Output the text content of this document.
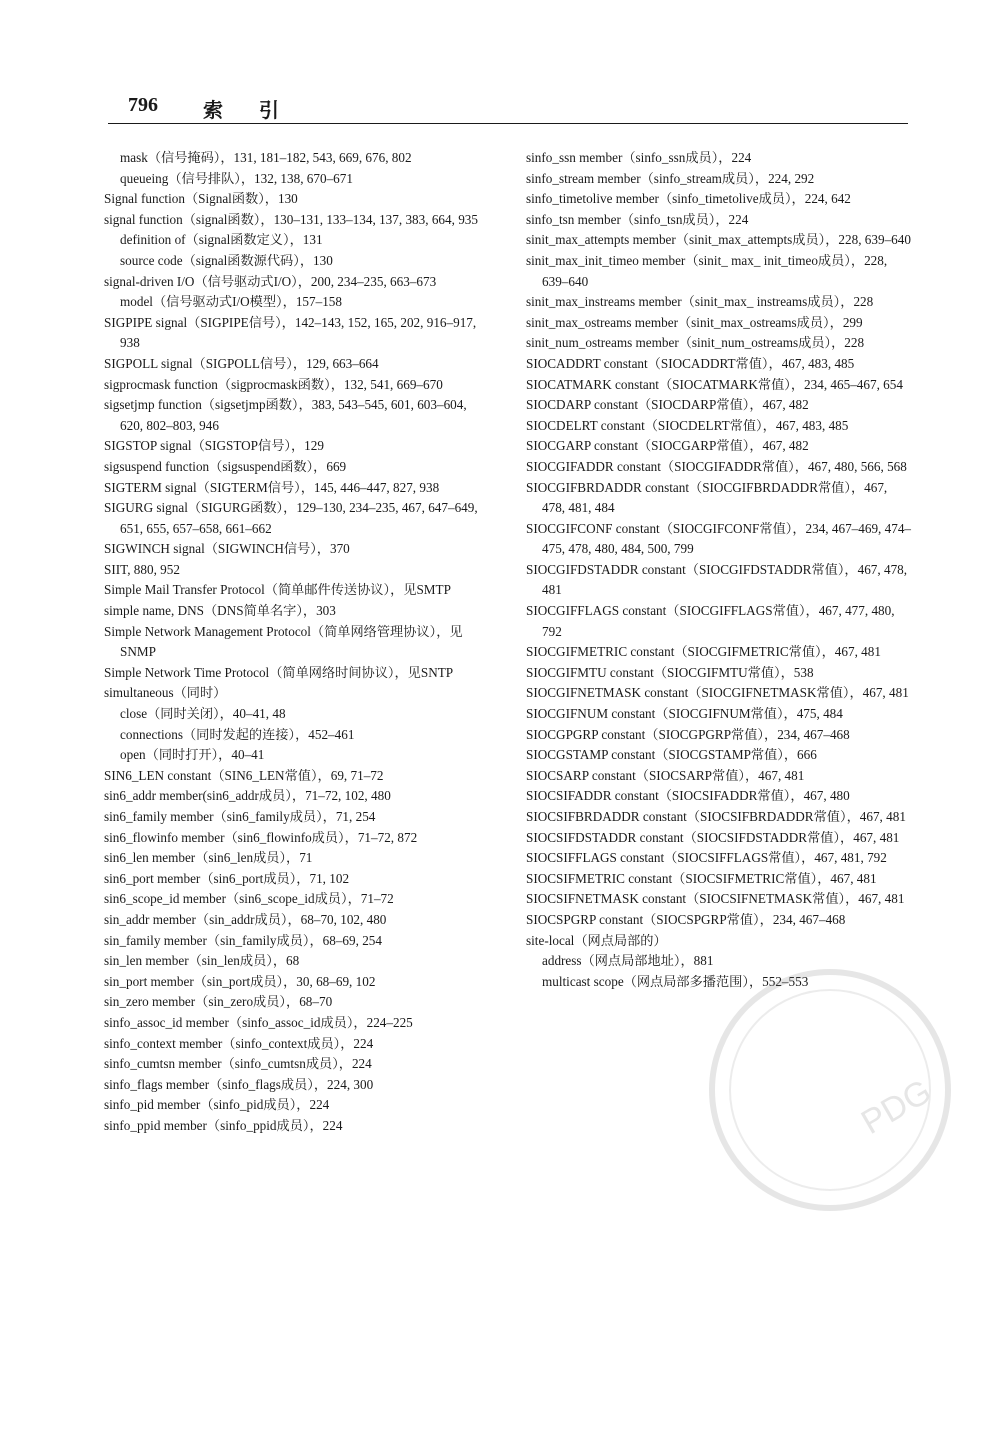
796 索引

mask（信号掩码），131, 181–182, 543, 669, 676, 802

queueing（信号排队），132, 138, 670–671

Signal function（Signal函数），130

signal function（signal函数），130–131, 133–134, 137, 383, 664, 935

definition of（signal函数定义），131

source code（signal函数源代码），130

signal-driven I/O（信号驱动式I/O），200, 234–235, 663–673

model（信号驱动式I/O模型），157–158

SIGPIPE signal（SIGPIPE信号），142–143, 152, 165, 202, 916–917, 938

SIGPOLL signal（SIGPOLL信号），129, 663–664

sigprocmask function（sigprocmask函数），132, 541, 669–670

sigsetjmp function（sigsetjmp函数），383, 543–545, 601, 603–604, 620, 802–803, 946

SIGSTOP signal（SIGSTOP信号），129

sigsuspend function（sigsuspend函数），669

SIGTERM signal（SIGTERM信号），145, 446–447, 827, 938

SIGURG signal（SIGURG函数），129–130, 234–235, 467, 647–649, 651, 655, 657–658, 661–662

SIGWINCH signal（SIGWINCH信号），370

SIIT, 880, 952

Simple Mail Transfer Protocol（简单邮件传送协议），见SMTP

simple name, DNS（DNS简单名字），303

Simple Network Management Protocol（简单网络管理协议），见SNMP

Simple Network Time Protocol（简单网络时间协议），见SNTP

simultaneous（同时）

close（同时关闭），40–41, 48

connections（同时发起的连接），452–461

open（同时打开），40–41

SIN6_LEN constant（SIN6_LEN常值），69, 71–72

sin6_addr member(sin6_addr成员），71–72, 102, 480

sin6_family member（sin6_family成员），71, 254

sin6_flowinfo member（sin6_flowinfo成员），71–72, 872

sin6_len member（sin6_len成员），71

sin6_port member（sin6_port成员），71, 102

sin6_scope_id member（sin6_scope_id成员），71–72

sin_addr member（sin_addr成员），68–70, 102, 480

sin_family member（sin_family成员），68–69, 254

sin_len member（sin_len成员），68

sin_port member（sin_port成员），30, 68–69, 102

sin_zero member（sin_zero成员），68–70

sinfo_assoc_id member（sinfo_assoc_id成员），224–225

sinfo_context member（sinfo_context成员），224

sinfo_cumtsn member（sinfo_cumtsn成员），224

sinfo_flags member（sinfo_flags成员），224, 300

sinfo_pid member（sinfo_pid成员），224

sinfo_ppid member（sinfo_ppid成员），224

sinfo_ssn member（sinfo_ssn成员），224

sinfo_stream member（sinfo_stream成员），224, 292

sinfo_timetolive member（sinfo_timetolive成员），224, 642

sinfo_tsn member（sinfo_tsn成员），224

sinit_max_attempts member（sinit_max_attempts成员），228, 639–640

sinit_max_init_timeo member（sinit_ max_ init_timeo成员），228, 639–640

sinit_max_instreams member（sinit_max_ instreams成员），228

sinit_max_ostreams member（sinit_max_ostreams成员），299

sinit_num_ostreams member（sinit_num_ostreams成员），228

SIOCADDRT constant（SIOCADDRT常值），467, 483, 485

SIOCATMARK constant（SIOCATMARK常值），234, 465–467, 654

SIOCDARP constant（SIOCDARP常值），467, 482

SIOCDELRT constant（SIOCDELRT常值），467, 483, 485

SIOCGARP constant（SIOCGARP常值），467, 482

SIOCGIFADDR constant（SIOCGIFADDR常值），467, 480, 566, 568

SIOCGIFBRDADDR constant（SIOCGIFBRDADDR常值），467, 478, 481, 484

SIOCGIFCONF constant（SIOCGIFCONF常值），234, 467–469, 474–475, 478, 480, 484, 500, 799

SIOCGIFDSTADDR constant（SIOCGIFDSTADDR常值），467, 478, 481

SIOCGIFFLAGS constant（SIOCGIFFLAGS常值），467, 477, 480, 792

SIOCGIFMETRIC constant（SIOCGIFMETRIC常值），467, 481

SIOCGIFMTU constant（SIOCGIFMTU常值），538

SIOCGIFNETMASK constant（SIOCGIFNETMASK常值），467, 481

SIOCGIFNUM constant（SIOCGIFNUM常值），475, 484

SIOCGPGRP constant（SIOCGPGRP常值），234, 467–468

SIOCGSTAMP constant（SIOCGSTAMP常值），666

SIOCSARP constant（SIOCSARP常值），467, 481

SIOCSIFADDR constant（SIOCSIFADDR常值），467, 480

SIOCSIFBRDADDR constant（SIOCSIFBRDADDR常值），467, 481

SIOCSIFDSTADDR constant（SIOCSIFDSTADDR常值），467, 481

SIOCSIFFLAGS constant（SIOCSIFFLAGS常值），467, 481, 792

SIOCSIFMETRIC constant（SIOCSIFMETRIC常值），467, 481

SIOCSIFNETMASK constant（SIOCSIFNETMASK常值），467, 481

SIOCSPGRP constant（SIOCSPGRP常值），234, 467–468

site-local（网点局部的）

address（网点局部地址），881

multicast scope（网点局部多播范围），552–553

PDG
